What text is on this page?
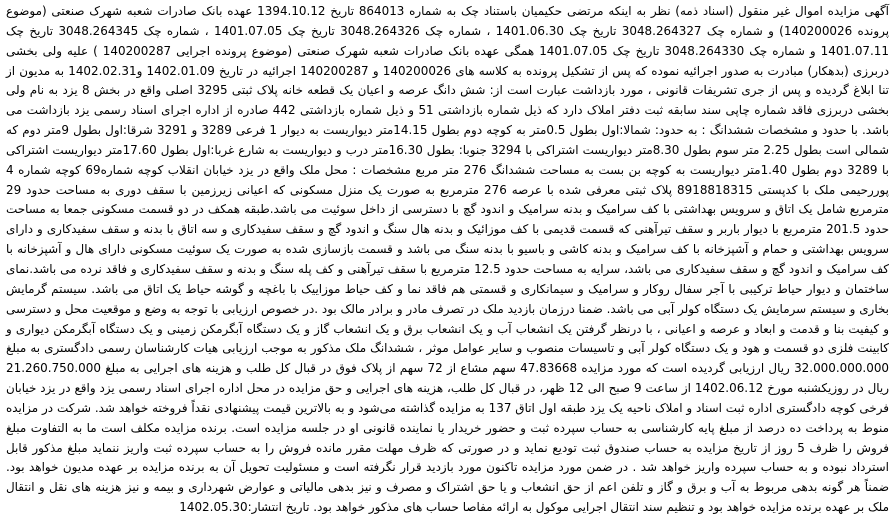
آگهی مزایده اموال غیر منقول (اسناد ذمه) نظر به اینکه مرتضی حکیمیان باستناد چک به شماره 864013 تاریخ 1394.10.12 عهده بانک صادرات شعبه شهرک صنعتی (موضوع پرونده 140200026) و شماره چک 3048.264327 تاریخ چک 1401.06.30 ، شماره چک 3048.264326 تاریخ چک 1401.07.05 ، شماره چک 3048.264345 تاریخ چک 1401.07.11 و شماره چک 3048.264330 تاریخ چک 1401.07.05 همگی عهده بانک صادرات شعبه شهرک صنعتی (موضوع پرونده اجرایی 140200287 ) علیه ولی بخشی دربرزی (بدهکار) مبادرت به صدور اجرائیه نموده که پس از تشکیل پرونده به کلاسه های 140200026 و 140200287 اجرائیه در تاریخ 1402.01.09 و1402.02.31 به مدیون از تنا ابلاغ گردیده و پس از جری تشریفات قانونی ، مورد بازداشت عبارت است از: شش دانگ عرصه و اعیان یک قطعه خانه پلاک ثبتی 3295 اصلی واقع در بخش 8 یزد به نام ولی بخشی دربرزی فاقد شماره چاپی سند سابقه ثبت دفتر املاک دارد که ذیل شماره بازداشتی 51 و ذیل شماره بازداشتی 442 صادره از اداره اجرای اسناد رسمی یزد بازداشت می باشد. با حدود و مشخصات ششدانگ : به حدود: شمالا:اول بطول 0.5متر به کوچه دوم بطول 14.15متر دیواریست به دیوار 1 فرعی 3289 و 3291 شرقا:اول بطول 9متر دوم که شمالی است بطول 2.25 متر سوم بطول 8.30متر دیواریست اشتراکی با 3294 جنوبا: بطول 16.30متر درب و دیواریست به شارع غربا:اول بطول 17.60متر دیواریست اشتراکی با 3289 دوم بطول 1.40متر دیواریست به کوچه بن بست به مساحت ششدانگ 276 متر مربع مشخصات : محل ملک واقع در یزد خیابان انقلاب کوچه شماره69 کوچه شماره 4 پوررحیمی ملک با کدپستی 8918818315 پلاک ثبتی معرفی شده با عرصه 276 مترمربع به صورت یک منزل مسکونی که اعیانی زیرزمین با سقف دوری به مساحت حدود 29 مترمربع شامل یک اتاق و سرویس بهداشتی با کف سرامیک و بدنه سرامیک و اندود گچ با دسترسی از داخل سوئیت می باشد.طبقه همکف در دو قسمت مسکونی جمعا به مساحت حدود 201.5 مترمربع با دیوار باربر و سقف تیرآهنی که قسمت قدیمی با کف موزائیک و بدنه هال سنگ و اندود گچ و سقف سفیدکاری و سه اتاق با بدنه و سقف سفیدکاری و دارای سرویس بهداشتی و حمام و آشپزخانه با کف سرامیک و بدنه کاشی و باسیو با بدنه سنگ می باشد و قسمت بازسازی شده به صورت یک سوئیت مسکونی دارای هال و آشپزخانه با کف سرامیک و اندود گچ و سقف سفیدکاری می باشد، سرایه به مساحت حدود 12.5 مترمربع با سقف تیرآهنی و کف پله سنگ و بدنه و سقف سفیدکاری و فاقد نرده می باشد.نمای ساختمان و دیوار حیاط ترکیبی با آجر سفال روکار و سرامیک و سیمانکاری و قسمتی هم فاقد نما و کف حیاط موزاییک با باغچه و گوشه حیاط یک اتاق می باشد. سیستم گرمایش بخاری و سیستم سرمایش یک دستگاه کولر آبی می باشد. ضمنا درزمان بازدید ملک در تصرف مادر و برادر مالک بود .در خصوص ارزیابی با توجه به وضع و موقعیت محل و دسترسی و کیفیت بنا و قدمت و ابعاد و عرصه و اعیانی ، با درنظر گرفتن یک انشعاب آب و یک انشعاب برق و یک انشعاب گاز و یک دستگاه آبگرمکن زمینی و یک دستگاه آبگرمکن دیواری و کابینت فلزی دو قسمت و هود و یک دستگاه کولر آبی و تاسیسات منصوب و سایر عوامل موثر ، ششدانگ ملک مذکور به موجب ارزیابی هیات کارشناسان رسمی دادگستری به مبلغ 32.000.000.000 ریال ارزیابی گردیده است که مورد مزایده 47.83668 سهم مشاع از 72 سهم از پلاک فوق در قبال کل طلب و هزینه های اجرایی به مبلغ 21.260.750.000 ریال در روزیکشنبه مورخ 1402.06.12 از ساعت 9 صبح الی 12 ظهر، در قبال کل طلب، هزینه های اجرایی و حق مزایده در محل اداره اجرای اسناد رسمی یزد واقع در یزد خیابان فرخی کوچه دادگستری اداره ثبت اسناد و املاک ناحیه یک یزد طبقه اول اتاق 137 به مزایده گذاشته می‌شود و به بالاترین قیمت پیشنهادی نقداً فروخته خواهد شد. شرکت در مزایده منوط به پرداخت ده درصد از مبلغ پایه کارشناسی به حساب سپرده ثبت و حضور خریدار یا نماینده قانونی او در جلسه مزایده است. برنده مزایده مکلف است ما به التفاوت مبلغ فروش را ظرف 5 روز از تاریخ مزایده به حساب صندوق ثبت تودیع نماید و در صورتی که ظرف مهلت مقرر مانده فروش را به حساب سپرده ثبت واریز ننماید مبلغ مذکور قابل استرداد نبوده و به حساب سپرده واریز خواهد شد . در ضمن مورد مزایده تاکنون مورد بازدید قرار نگرفته است و مسئولیت تحویل آن به برنده مزایده بر عهده مدیون خواهد بود. ضمناً هر گونه بدهی مربوط به آب و برق و گاز و تلفن اعم از حق انشعاب و یا حق اشتراک و مصرف و نیز بدهی مالیاتی و عوارض شهرداری و بیمه و نیز هزینه های نقل و انتقال ملک بر عهده برنده مزایده خواهد بود و تنظیم سند انتقال اجرایی موکول به ارائه مفاصا حساب های مذکور خواهد بود. تاریخ انتشار:1402.05.30
